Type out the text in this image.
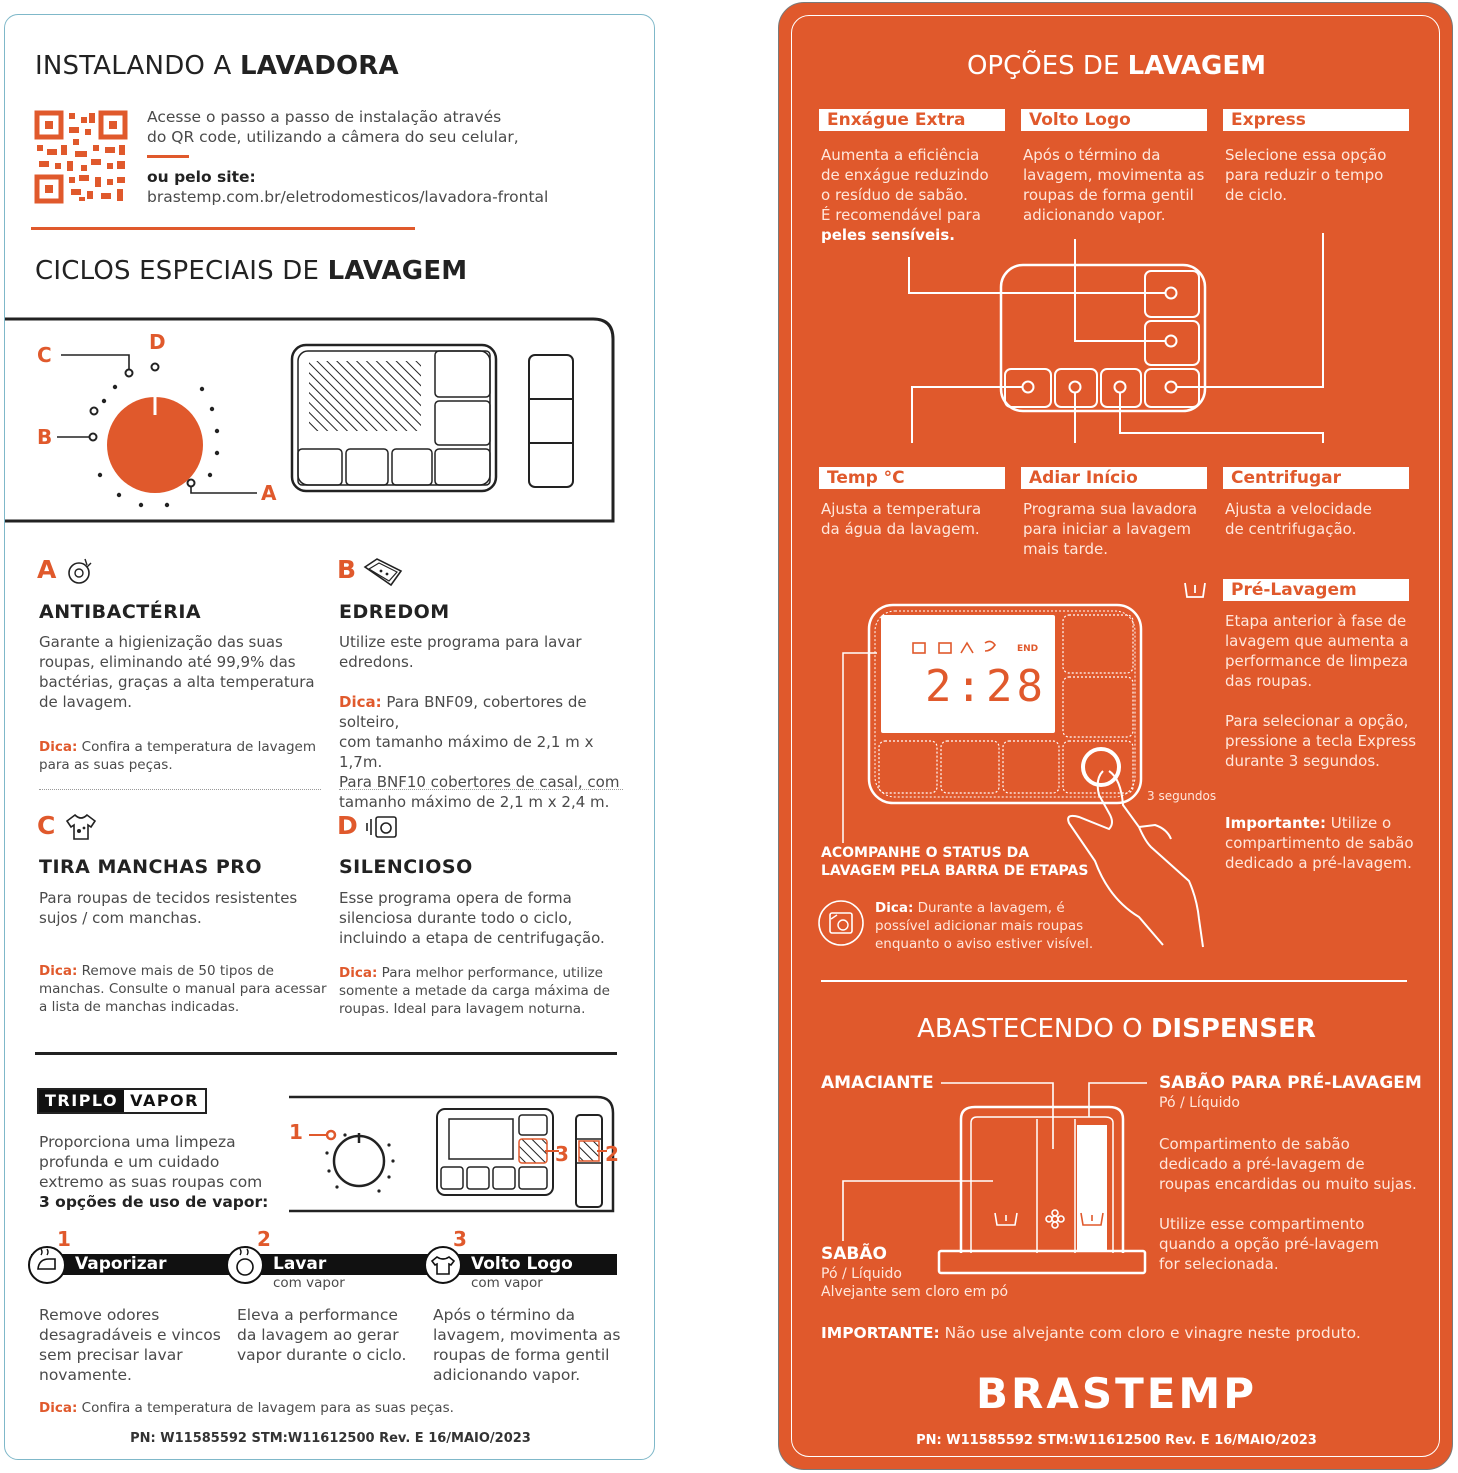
INSTALANDO A LAVADORA
Acesse o passo a passo de instalação através
do QR code, utilizando a câmera do seu celular,
ou pelo site:
brastemp.com.br/eletrodomesticos/lavadora-frontal
CICLOS ESPECIAIS DE LAVAGEM
C
D
B
A
A
ANTIBACTÉRIA
Garante a higienização das suas
roupas, eliminando até 99,9% das
bactérias, graças a alta temperatura
de lavagem.
Dica: Confira a temperatura de lavagem
para as suas peças.
B
EDREDOM
Utilize este programa para lavar
edredons.
Dica: Para BNF09, cobertores de solteiro,
com tamanho máximo de 2,1 m x 1,7m.
Para BNF10 cobertores de casal, com
tamanho máximo de 2,1 m x 2,4 m.
C
TIRA MANCHAS PRO
Para roupas de tecidos resistentes
sujos / com manchas.
Dica: Remove mais de 50 tipos de
manchas. Consulte o manual para acessar
a lista de manchas indicadas.
D
SILENCIOSO
Esse programa opera de forma
silenciosa durante todo o ciclo,
incluindo a etapa de centrifugação.
Dica: Para melhor performance, utilize
somente a metade da carga máxima de
roupas. Ideal para lavagem noturna.
TRIPLO VAPOR
Proporciona uma limpeza
profunda e um cuidado
extremo as suas roupas com
3 opções de uso de vapor:
1
3 2
1	2	3
Vaporizar	Lavar
com vapor
Volto Logo
com vapor
Remove odores
desagradáveis e vincos
sem precisar lavar
novamente.
Eleva a performance
da lavagem ao gerar
vapor durante o ciclo.
Após o término da
lavagem, movimenta as
roupas de forma gentil
adicionando vapor.
Dica: Confira a temperatura de lavagem para as suas peças.
PN: W11585592 STM:W11612500 Rev. E 16/MAIO/2023
OPÇÕES DE LAVAGEM
Enxágue Extra	Volto Logo	Express
Aumenta a eficiência
de enxágue reduzindo
o resíduo de sabão.
É recomendável para
peles sensíveis.
Após o término da
lavagem, movimenta as
roupas de forma gentil
adicionando vapor.
Selecione essa opção
para reduzir o tempo
de ciclo.
Temp °C	Adiar Início	Centrifugar
Ajusta a temperatura
da água da lavagem.
Programa sua lavadora
para iniciar a lavagem
mais tarde.
Ajusta a velocidade
de centrifugação.
Pré-Lavagem
Etapa anterior à fase de
lavagem que aumenta a
performance de limpeza
das roupas.
Para selecionar a opção,
pressione a tecla Express
durante 3 segundos.
Importante: Utilize o
compartimento de sabão
dedicado a pré-lavagem.
END
2:28
3 segundos
ACOMPANHE O STATUS DA
LAVAGEM PELA BARRA DE ETAPAS
Dica: Durante a lavagem, é
possível adicionar mais roupas
enquanto o aviso estiver visível.
ABASTECENDO O DISPENSER
AMACIANTE	SABÃO PARA PRÉ-LAVAGEM
Pó / Líquido
Compartimento de sabão
dedicado a pré-lavagem de
roupas encardidas ou muito sujas.
Utilize esse compartimento
quando a opção pré-lavagem
for selecionada.
SABÃO
Pó / Líquido
Alvejante sem cloro em pó
IMPORTANTE: Não use alvejante com cloro e vinagre neste produto.
BRASTEMP
PN: W11585592 STM:W11612500 Rev. E 16/MAIO/2023
